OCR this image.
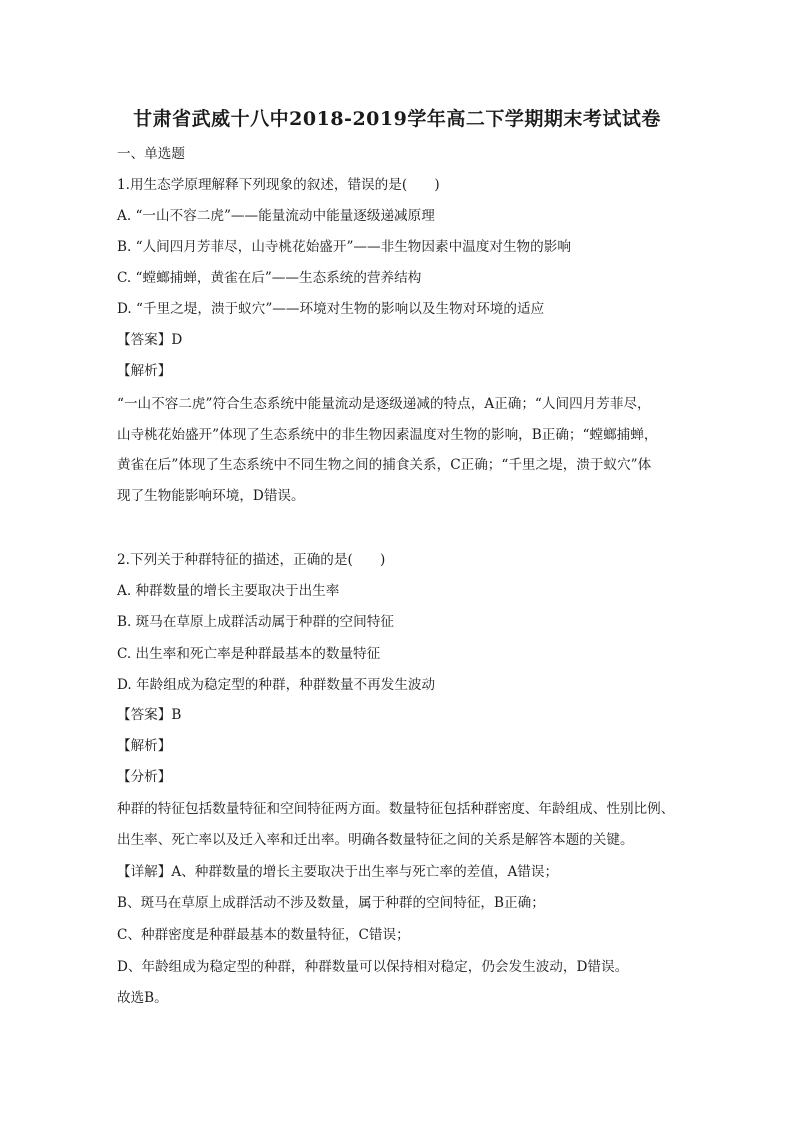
甘肃省武威十八中2018-2019学年高二下学期期末考试试卷
一、单选题
1.用生态学原理解释下列现象的叙述，错误的是(　　)
A. “一山不容二虎”——能量流动中能量逐级递减原理
B. “人间四月芳菲尽，山寺桃花始盛开”——非生物因素中温度对生物的影响
C. “螳螂捕蝉，黄雀在后”——生态系统的营养结构
D. “千里之堤，溃于蚁穴”——环境对生物的影响以及生物对环境的适应
【答案】D
【解析】
“一山不容二虎”符合生态系统中能量流动是逐级递减的特点，A正确；“人间四月芳菲尽，
山寺桃花始盛开”体现了生态系统中的非生物因素温度对生物的影响，B正确；“螳螂捕蝉，
黄雀在后”体现了生态系统中不同生物之间的捕食关系，C正确；“千里之堤，溃于蚁穴”体
现了生物能影响环境，D错误。
2.下列关于种群特征的描述，正确的是(　　)
A. 种群数量的增长主要取决于出生率
B. 斑马在草原上成群活动属于种群的空间特征
C. 出生率和死亡率是种群最基本的数量特征
D. 年龄组成为稳定型的种群，种群数量不再发生波动
【答案】B
【解析】
【分析】
种群的特征包括数量特征和空间特征两方面。数量特征包括种群密度、年龄组成、性别比例、
出生率、死亡率以及迁入率和迁出率。明确各数量特征之间的关系是解答本题的关键。
【详解】A、种群数量的增长主要取决于出生率与死亡率的差值，A错误；
B、斑马在草原上成群活动不涉及数量，属于种群的空间特征，B正确；
C、种群密度是种群最基本的数量特征，C错误；
D、年龄组成为稳定型的种群，种群数量可以保持相对稳定，仍会发生波动，D错误。
故选B。
